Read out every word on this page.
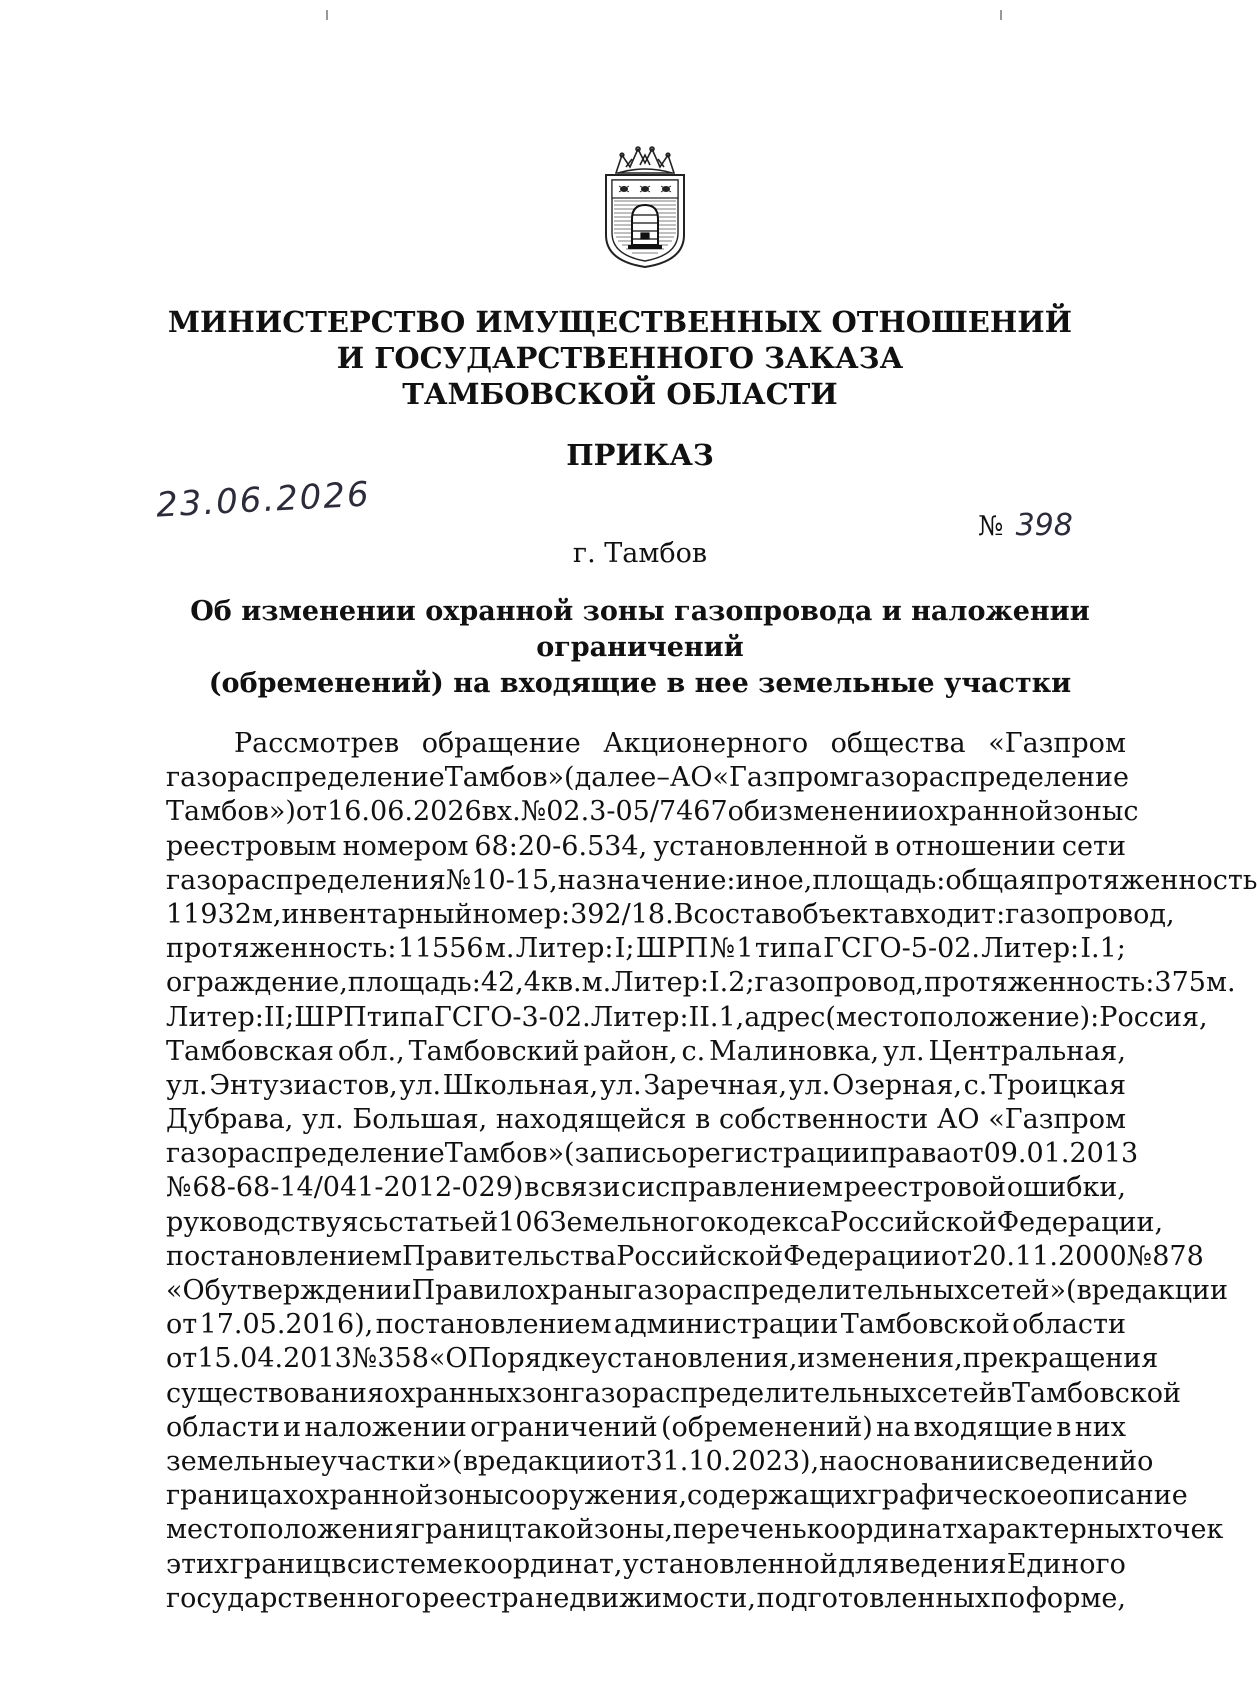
МИНИСТЕРСТВО ИМУЩЕСТВЕННЫХ ОТНОШЕНИЙ
И ГОСУДАРСТВЕННОГО ЗАКАЗА
ТАМБОВСКОЙ ОБЛАСТИ
ПРИКАЗ
23.06.2026
№ 398
г. Тамбов
Об изменении охранной зоны газопровода и наложении ограничений
(обременений) на входящие в нее земельные участки
Рассмотрев обращение Акционерного общества «Газпром
газораспределение Тамбов» (далее – АО «Газпром газораспределение
Тамбов») от 16.06.2026 вх. № 02.3-05/7467 об изменении охранной зоны с
реестровым номером 68:20-6.534, установленной в отношении сети
газораспределения №10-15, назначение: иное, площадь: общая протяженность
11932 м, инвентарный номер: 392/18. В состав объекта входит: газопровод,
протяженность: 11556 м. Литер: I; ШРП № 1 типа ГСГО-5-02. Литер: I.1;
ограждение, площадь: 42,4 кв.м. Литер: I.2; газопровод, протяженность: 375 м.
Литер: II; ШРП типа ГСГО-3-02. Литер: II.1, адрес (местоположение): Россия,
Тамбовская обл., Тамбовский район, с. Малиновка, ул. Центральная,
ул. Энтузиастов, ул. Школьная, ул. Заречная, ул. Озерная, с. Троицкая
Дубрава, ул. Большая, находящейся в собственности АО «Газпром
газораспределение Тамбов» (запись о регистрации права от 09.01.2013
№ 68-68-14/041-2012-029) в связи с исправлением реестровой ошибки,
руководствуясь статьей 106 Земельного кодекса Российской Федерации,
постановлением Правительства Российской Федерации от 20.11.2000 № 878
«Об утверждении Правил охраны газораспределительных сетей» (в редакции
от 17.05.2016), постановлением администрации Тамбовской области
от 15.04.2013 № 358 «О Порядке установления, изменения, прекращения
существования охранных зон газораспределительных сетей в Тамбовской
области и наложении ограничений (обременений) на входящие в них
земельные участки» (в редакции от 31.10.2023), на основании сведений о
границах охранной зоны сооружения, содержащих графическое описание
местоположения границ такой зоны, перечень координат характерных точек
этих границ в системе координат, установленной для ведения Единого
государственного реестра недвижимости, подготовленных по форме,
